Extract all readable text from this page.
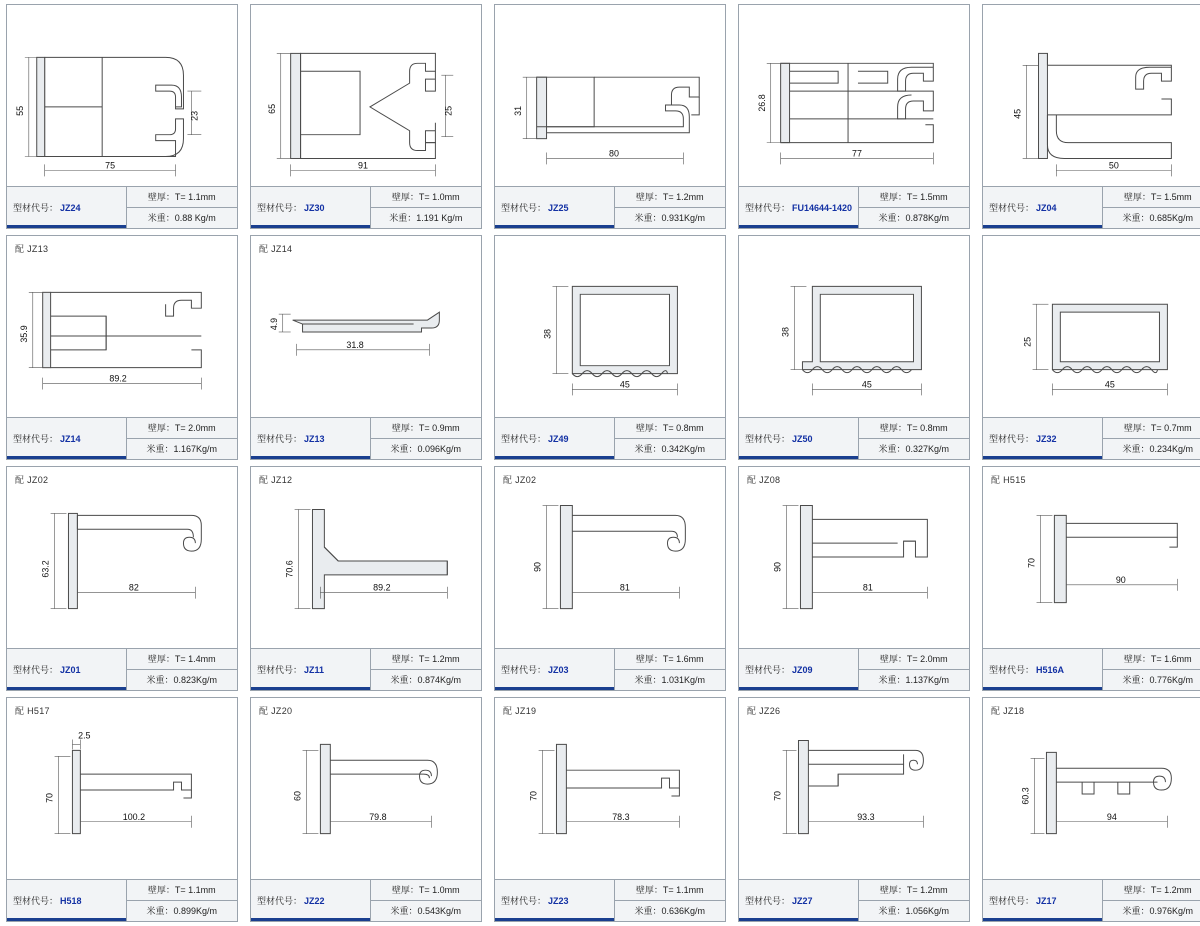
55	23
75
型材代号： JZ24
壁厚：T= 1.1mm
米重：0.88 Kg/m
65	25
91
型材代号： JZ30
壁厚：T= 1.0mm
米重：1.191 Kg/m
31
80
型材代号： JZ25
壁厚：T= 1.2mm
米重：0.931Kg/m
26.8
77
型材代号： FU14644-1420
壁厚：T= 1.5mm
米重：0.878Kg/m
45
50
型材代号： JZ04
壁厚：T= 1.5mm
米重：0.685Kg/m
配 JZ13
35.9
89.2
型材代号： JZ14
壁厚：T= 2.0mm
米重：1.167Kg/m
配 JZ14
4.9
31.8
型材代号： JZ13
壁厚：T= 0.9mm
米重：0.096Kg/m
38
45
型材代号： JZ49
壁厚：T= 0.8mm
米重：0.342Kg/m
38
45
型材代号： JZ50
壁厚：T= 0.8mm
米重：0.327Kg/m
25
45
型材代号： JZ32
壁厚：T= 0.7mm
米重：0.234Kg/m
配 JZ02
63.2
82
型材代号： JZ01
壁厚：T= 1.4mm
米重：0.823Kg/m
配 JZ12
70.6
89.2
型材代号： JZ11
壁厚：T= 1.2mm
米重：0.874Kg/m
配 JZ02
90
81
型材代号： JZ03
壁厚：T= 1.6mm
米重：1.031Kg/m
配 JZ08
90
81
型材代号： JZ09
壁厚：T= 2.0mm
米重：1.137Kg/m
配 H515
70
90
型材代号： H516A
壁厚：T= 1.6mm
米重：0.776Kg/m
配 H517
70
2.5
100.2
型材代号： H518
壁厚：T= 1.1mm
米重：0.899Kg/m
配 JZ20
60
79.8
型材代号： JZ22
壁厚：T= 1.0mm
米重：0.543Kg/m
配 JZ19
70
78.3
型材代号： JZ23
壁厚：T= 1.1mm
米重：0.636Kg/m
配 JZ26
70
93.3
型材代号： JZ27
壁厚：T= 1.2mm
米重：1.056Kg/m
配 JZ18
60.3
94
型材代号： JZ17
壁厚：T= 1.2mm
米重：0.976Kg/m
